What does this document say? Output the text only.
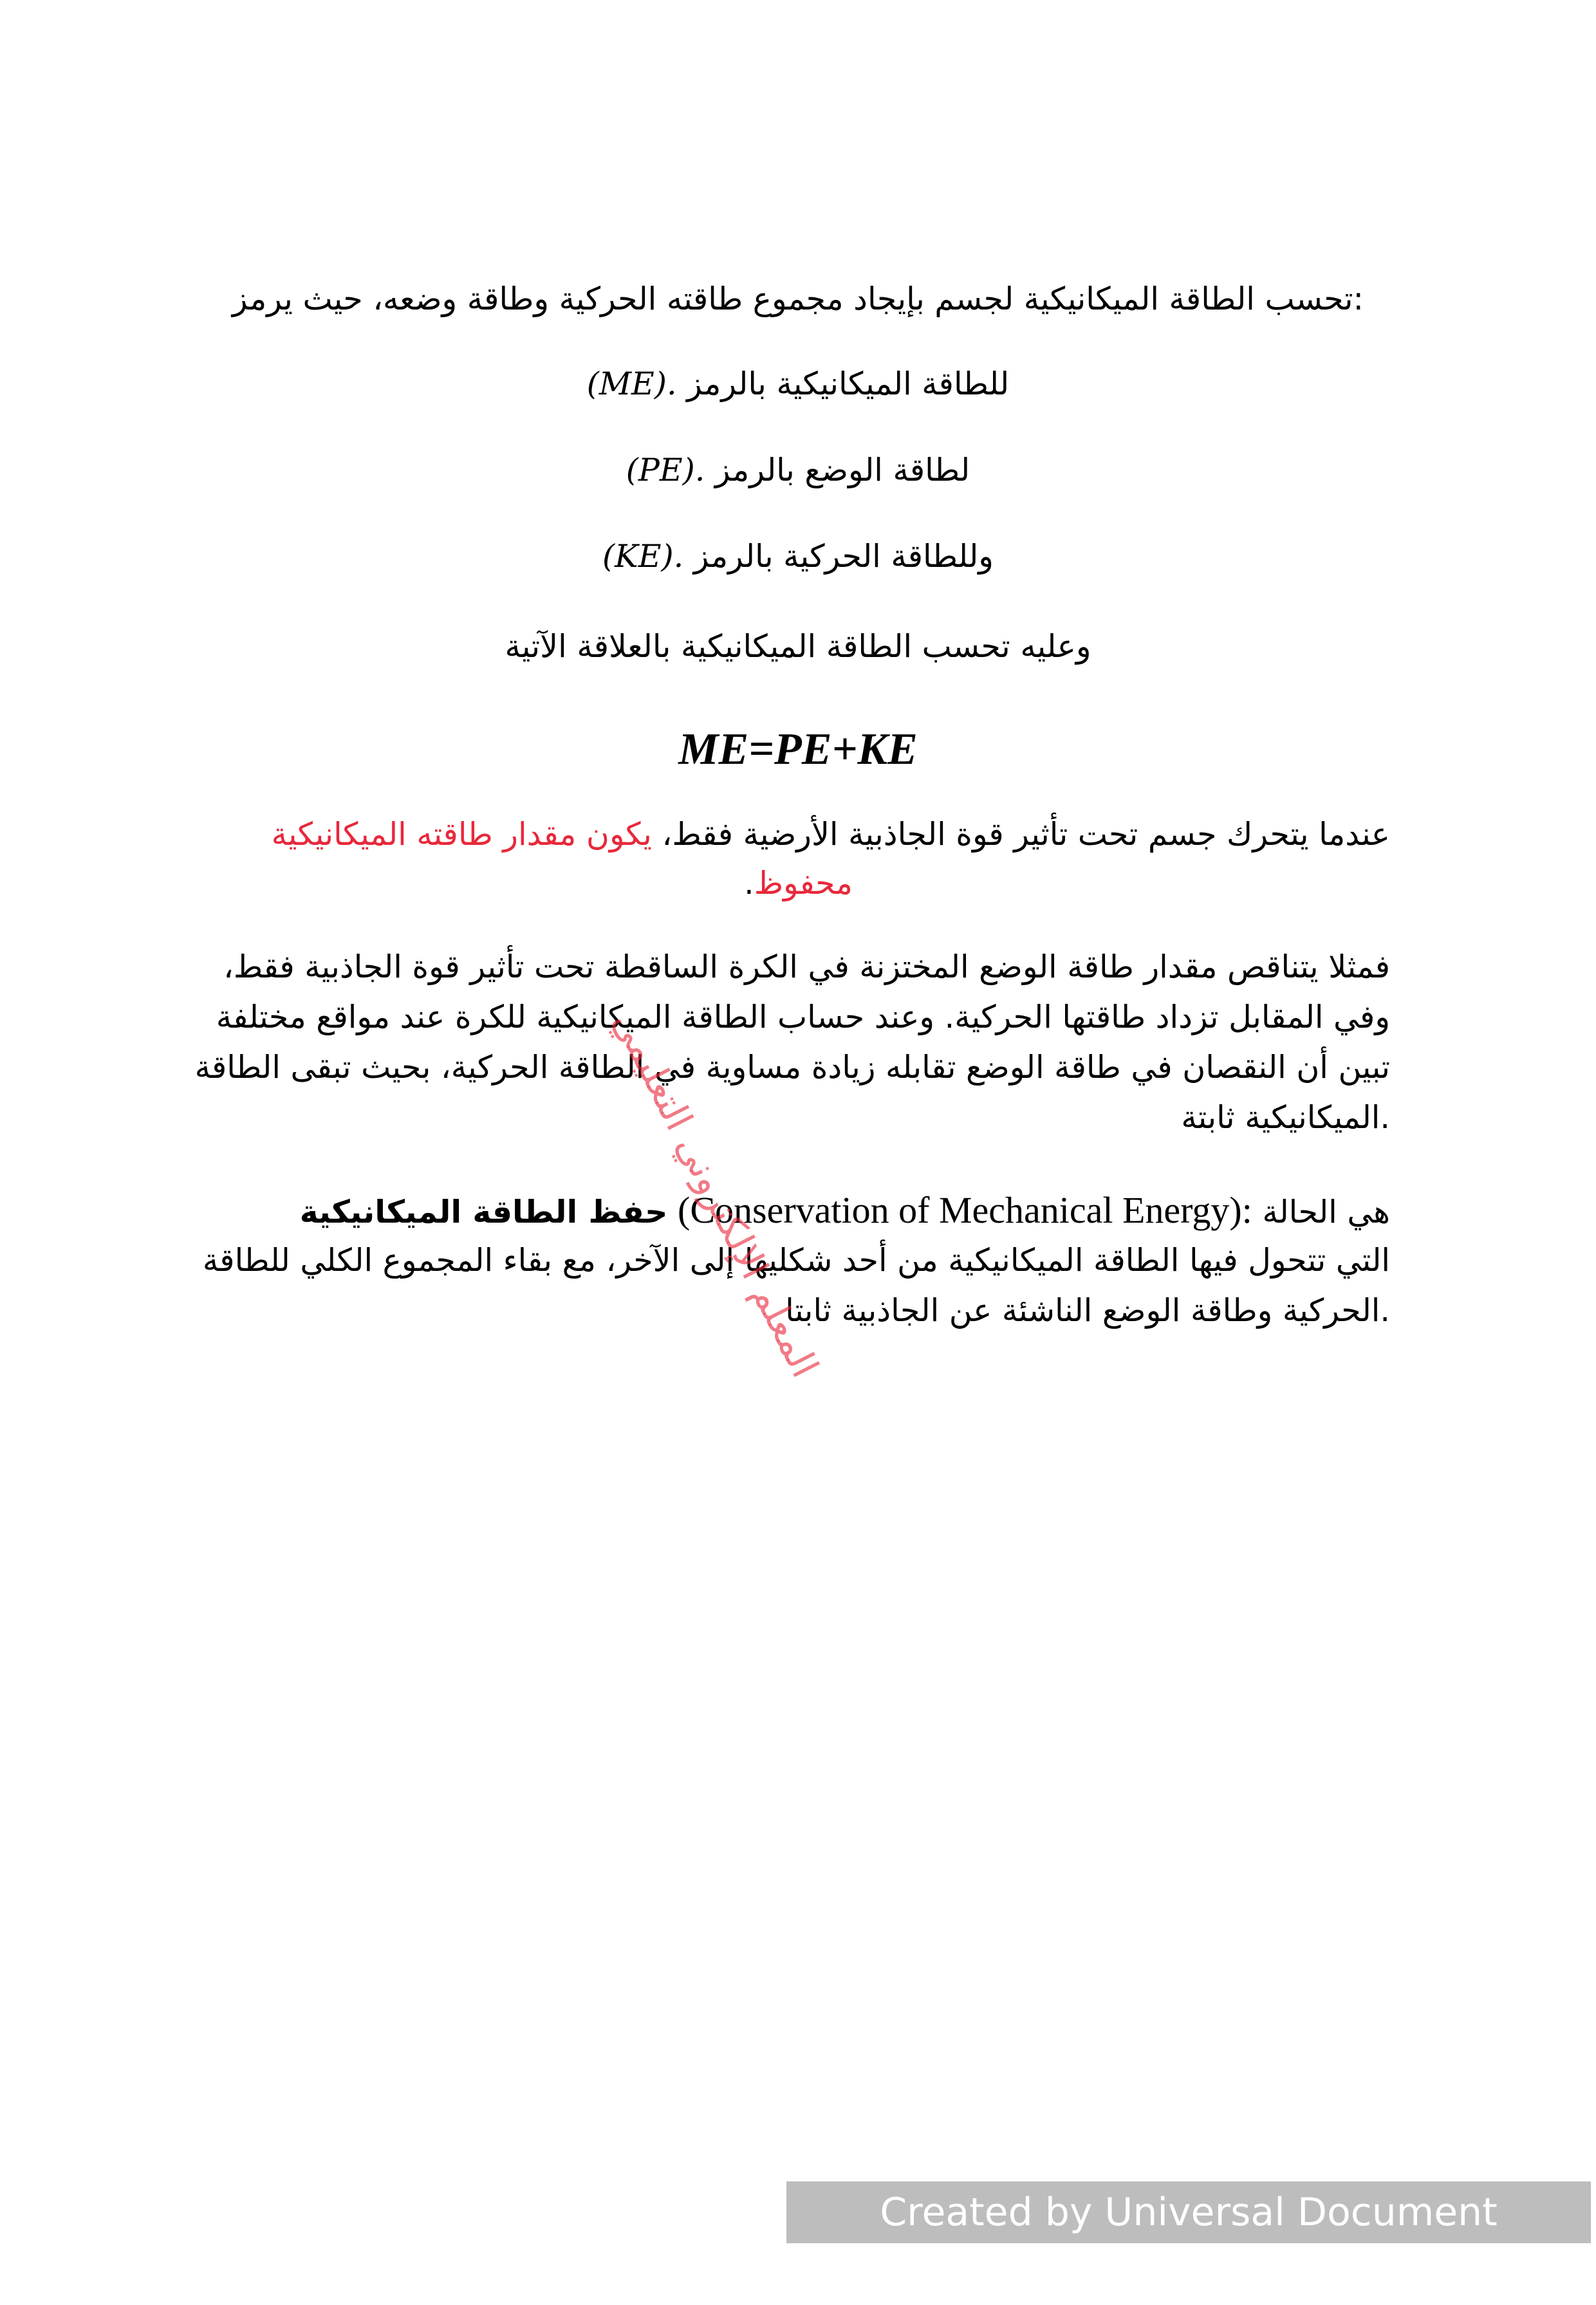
:تحسب الطاقة الميكانيكية لجسم بإيجاد مجموع طاقته الحركية وطاقة وضعه، حيث يرمز
للطاقة الميكانيكية بالرمز (ME).
لطاقة الوضع بالرمز (PE).
وللطاقة الحركية بالرمز (KE).
وعليه تحسب الطاقة الميكانيكية بالعلاقة الآتية
ME=PE+KE
عندما يتحرك جسم تحت تأثير قوة الجاذبية الأرضية فقط، يكون مقدار طاقته الميكانيكية
محفوظ.
فمثلا يتناقص مقدار طاقة الوضع المختزنة في الكرة الساقطة تحت تأثير قوة الجاذبية فقط،
وفي المقابل تزداد طاقتها الحركية. وعند حساب الطاقة الميكانيكية للكرة عند مواقع مختلفة
تبين أن النقصان في طاقة الوضع تقابله زيادة مساوية في الطاقة الحركية، بحيث تبقى الطاقة
.الميكانيكية ثابتة
هي الحالة (Conservation of Mechanical Energy): حفظ الطاقة الميكانيكية
التي تتحول فيها الطاقة الميكانيكية من أحد شكليها إلى الآخر، مع بقاء المجموع الكلي للطاقة
.الحركية وطاقة الوضع الناشئة عن الجاذبية ثابتا
المعلم الإلكتروني التعليمي
Created by Universal Document Converter
